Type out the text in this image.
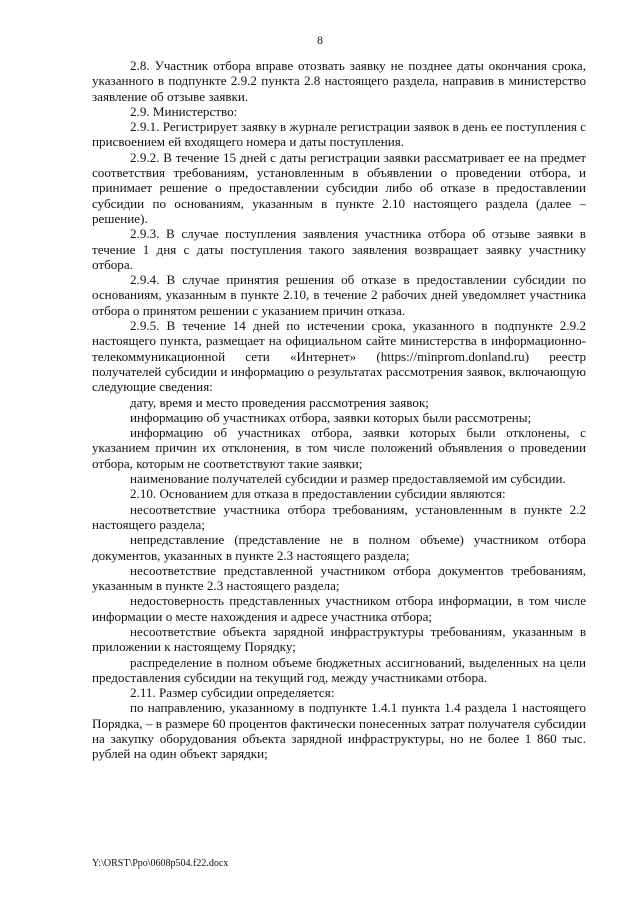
8

2.8. Участник отбора вправе отозвать заявку не позднее даты окончания срока, указанного в подпункте 2.9.2 пункта 2.8 настоящего раздела, направив в министерство заявление об отзыве заявки.

2.9. Министерство:

2.9.1. Регистрирует заявку в журнале регистрации заявок в день ее поступления с присвоением ей входящего номера и даты поступления.

2.9.2. В течение 15 дней с даты регистрации заявки рассматривает ее на предмет соответствия требованиям, установленным в объявлении о проведении отбора, и принимает решение о предоставлении субсидии либо об отказе в предоставлении субсидии по основаниям, указанным в пункте 2.10 настоящего раздела (далее – решение).

2.9.3. В случае поступления заявления участника отбора об отзыве заявки в течение 1 дня с даты поступления такого заявления возвращает заявку участнику отбора.

2.9.4. В случае принятия решения об отказе в предоставлении субсидии по основаниям, указанным в пункте 2.10, в течение 2 рабочих дней уведомляет участника отбора о принятом решении с указанием причин отказа.

2.9.5. В течение 14 дней по истечении срока, указанного в подпункте 2.9.2 настоящего пункта, размещает на официальном сайте министерства в информационно-телекоммуникационной сети «Интернет» (https://minprom.donland.ru) реестр получателей субсидии и информацию о результатах рассмотрения заявок, включающую следующие сведения:

дату, время и место проведения рассмотрения заявок;

информацию об участниках отбора, заявки которых были рассмотрены;

информацию об участниках отбора, заявки которых были отклонены, с указанием причин их отклонения, в том числе положений объявления о проведении отбора, которым не соответствуют такие заявки;

наименование получателей субсидии и размер предоставляемой им субсидии.

2.10. Основанием для отказа в предоставлении субсидии являются:

несоответствие участника отбора требованиям, установленным в пункте 2.2 настоящего раздела;

непредставление (представление не в полном объеме) участником отбора документов, указанных в пункте 2.3 настоящего раздела;

несоответствие представленной участником отбора документов требованиям, указанным в пункте 2.3 настоящего раздела;

недостоверность представленных участником отбора информации, в том числе информации о месте нахождения и адресе участника отбора;

несоответствие объекта зарядной инфраструктуры требованиям, указанным в приложении к настоящему Порядку;

распределение в полном объеме бюджетных ассигнований, выделенных на цели предоставления субсидии на текущий год, между участниками отбора.

2.11. Размер субсидии определяется:

по направлению, указанному в подпункте 1.4.1 пункта 1.4 раздела 1 настоящего Порядка, – в размере 60 процентов фактически понесенных затрат получателя субсидии на закупку оборудования объекта зарядной инфраструктуры, но не более 1 860 тыс. рублей на один объект зарядки;

Y:\ORST\Ppo\0608p504.f22.docx
